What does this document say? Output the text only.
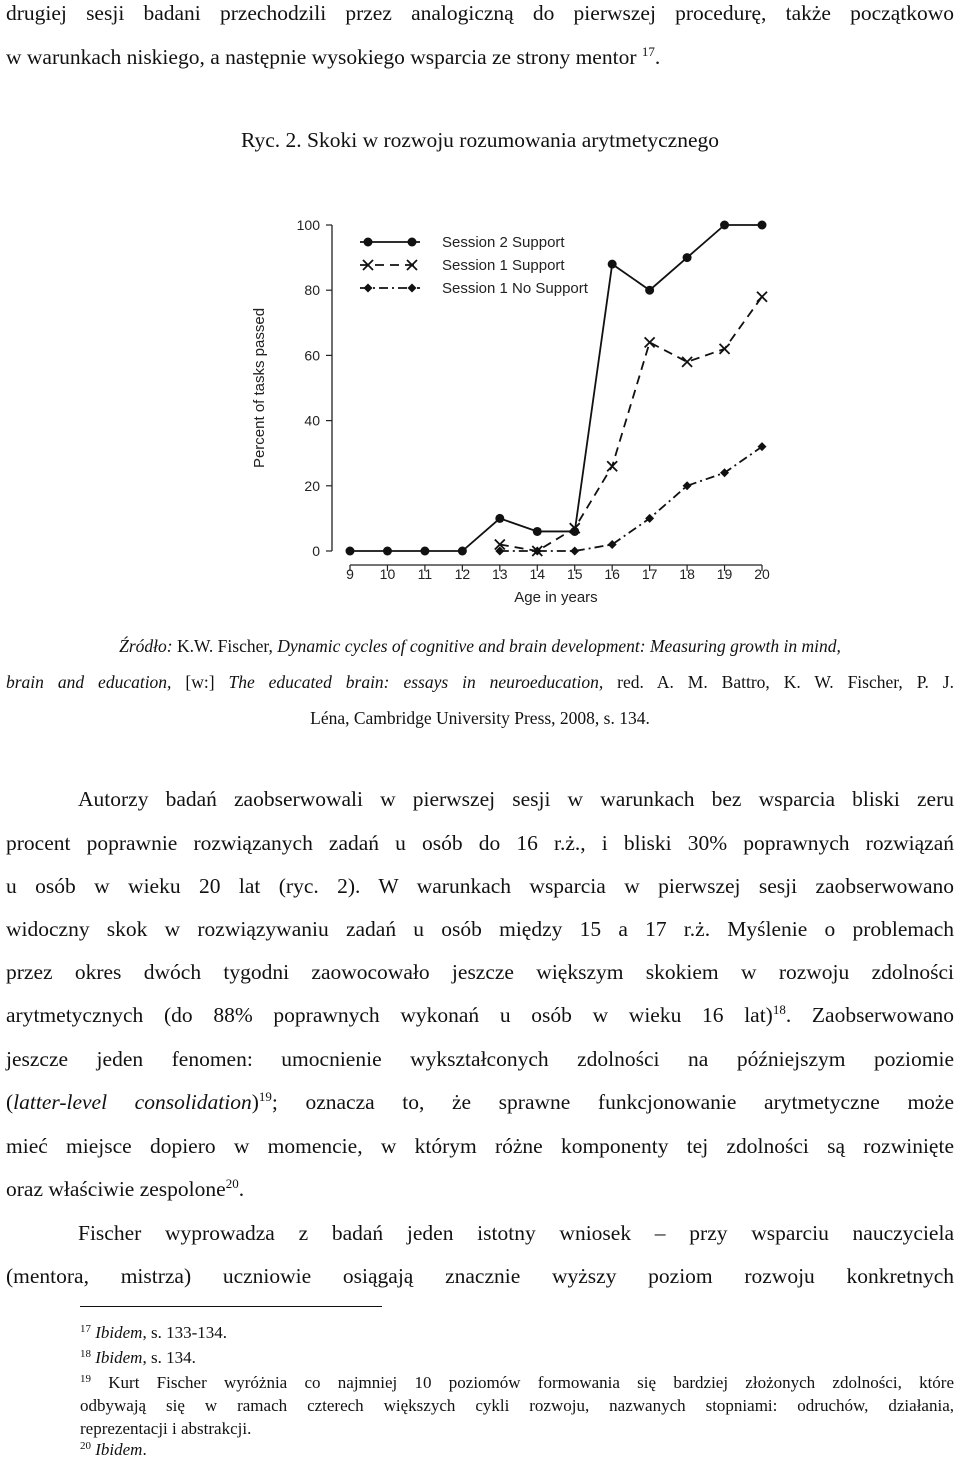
drugiej sesji badani przechodzili przez analogiczną do pierwszej procedurę, także początkowo
w warunkach niskiego, a następnie wysokiego wsparcia ze strony mentor $^{17}$.
Ryc. 2. Skoki w rozwoju rozumowania arytmetycznego
0
20
40
60
80
100
9 10 11 12 13 14 15 16 17 18 19 20
Age in years
Percent of tasks passed
Session 2 Support
Session 1 Support
Session 1 No Support
Źródło: K.W. Fischer, Dynamic cycles of cognitive and brain development: Measuring growth in mind,
brain and education, [w:] The educated brain: essays in neuroeducation, red. A. M. Battro, K. W. Fischer, P. J.
Léna, Cambridge University Press, 2008, s. 134.
Autorzy badań zaobserwowali w pierwszej sesji w warunkach bez wsparcia bliski zeru
procent poprawnie rozwiązanych zadań u osób do 16 r.ż., i bliski 30% poprawnych rozwiązań
u osób w wieku 20 lat (ryc. 2). W warunkach wsparcia w pierwszej sesji zaobserwowano
widoczny skok w rozwiązywaniu zadań u osób między 15 a 17 r.ż. Myślenie o problemach
przez okres dwóch tygodni zaowocowało jeszcze większym skokiem w rozwoju zdolności
arytmetycznych (do 88% poprawnych wykonań u osób w wieku 16 lat)$^{18}$. Zaobserwowano
jeszcze jeden fenomen: umocnienie wykształconych zdolności na późniejszym poziomie
(latter-level consolidation)$^{19}$; oznacza to, że sprawne funkcjonowanie arytmetyczne może
mieć miejsce dopiero w momencie, w którym różne komponenty tej zdolności są rozwinięte
oraz właściwie zespolone$^{20}$.
Fischer wyprowadza z badań jeden istotny wniosek – przy wsparciu nauczyciela
(mentora, mistrza) uczniowie osiągają znacznie wyższy poziom rozwoju konkretnych
$^{17}$ Ibidem, s. 133-134.
$^{18}$ Ibidem, s. 134.
$^{19}$ Kurt Fischer wyróżnia co najmniej 10 poziomów formowania się bardziej złożonych zdolności, które
odbywają się w ramach czterech większych cykli rozwoju, nazwanych stopniami: odruchów, działania,
reprezentacji i abstrakcji.
$^{20}$ Ibidem.
